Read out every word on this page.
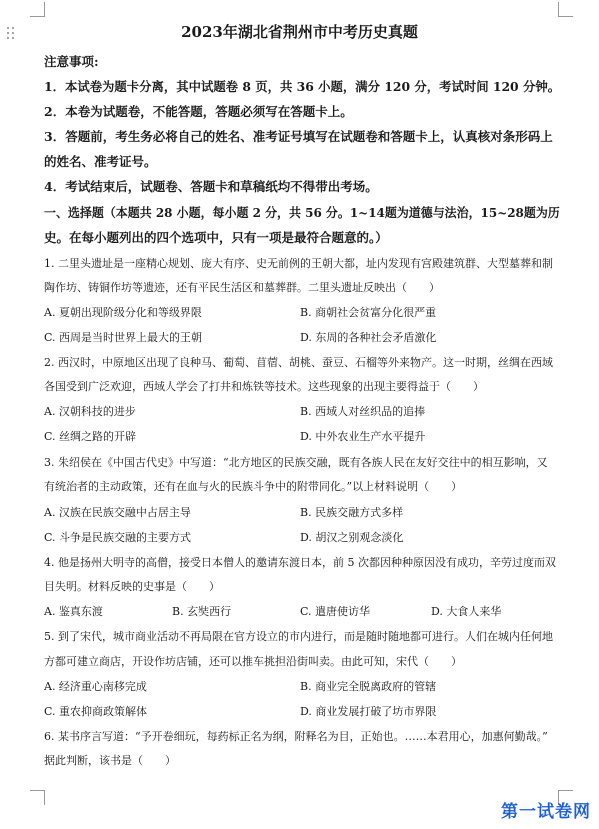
2023年湖北省荆州市中考历史真题
注意事项:
1．本试卷为题卡分离，其中试题卷 8 页，共 36 小题，满分 120 分，考试时间 120 分钟。
2．本卷为试题卷，不能答题，答题必须写在答题卡上。
3．答题前，考生务必将自己的姓名、准考证号填写在试题卷和答题卡上，认真核对条形码上
的姓名、准考证号。
4．考试结束后，试题卷、答题卡和草稿纸均不得带出考场。
一、选择题（本题共 28 小题，每小题 2 分，共 56 分。1~14题为道德与法治，15~28题为历
史。在每小题列出的四个选项中，只有一项是最符合题意的。）
1. 二里头遗址是一座精心规划、庞大有序、史无前例的王朝大都，址内发现有宫殿建筑群、大型墓葬和制
陶作坊、铸铜作坊等遗迹，还有平民生活区和墓葬群。二里头遗址反映出（　　）
A. 夏朝出现阶级分化和等级界限	B. 商朝社会贫富分化很严重
C. 西周是当时世界上最大的王朝	D. 东周的各种社会矛盾激化
2. 西汉时，中原地区出现了良种马、葡萄、苜蓿、胡桃、蚕豆、石榴等外来物产。这一时期，丝绸在西域
各国受到广泛欢迎，西域人学会了打井和炼铁等技术。这些现象的出现主要得益于（　　）
A. 汉朝科技的进步	B. 西域人对丝织品的追捧
C. 丝绸之路的开辟	D. 中外农业生产水平提升
3. 朱绍侯在《中国古代史》中写道：“北方地区的民族交融，既有各族人民在友好交往中的相互影响，又
有统治者的主动政策，还有在血与火的民族斗争中的附带同化。”以上材料说明（　　）
A. 汉族在民族交融中占居主导	B. 民族交融方式多样
C. 斗争是民族交融的主要方式	D. 胡汉之别观念淡化
4. 他是扬州大明寺的高僧，接受日本僧人的邀请东渡日本，前 5 次都因种种原因没有成功，辛劳过度而双
目失明。材料反映的史事是（　　）
A. 鉴真东渡	B. 玄奘西行	C. 遣唐使访华	D. 大食人来华
5. 到了宋代，城市商业活动不再局限在官方设立的市内进行，而是随时随地都可进行。人们在城内任何地
方都可建立商店，开设作坊店铺，还可以推车挑担沿街叫卖。由此可知，宋代（　　）
A. 经济重心南移完成	B. 商业完全脱离政府的管辖
C. 重农抑商政策解体	D. 商业发展打破了坊市界限
6. 某书序言写道：“予开卷细玩，每药标正名为纲，附释名为目，正始也。……本君用心，加惠何勤哉。”
据此判断，该书是（　　）
第一试卷网
